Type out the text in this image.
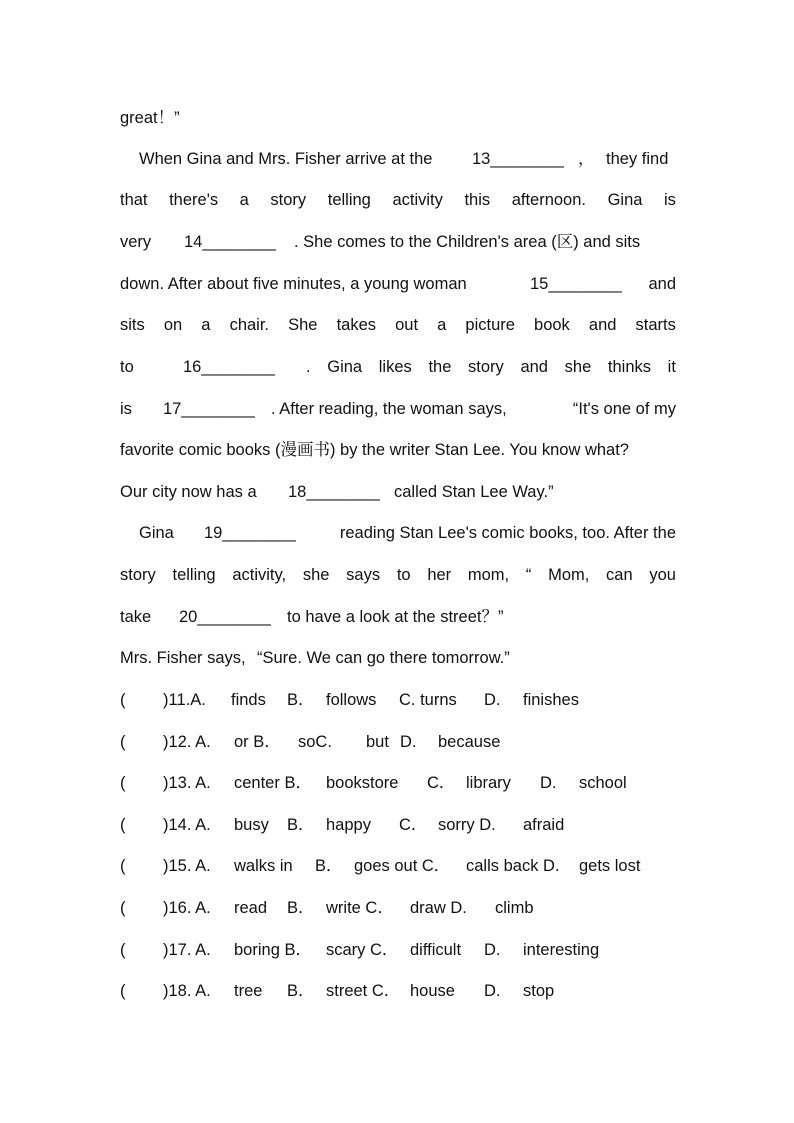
great！”
When Gina and Mrs. Fisher arrive at the 13________ ， they find
that there's a story telling activity this afternoon. Gina is
very 14________ . She comes to the Children's area (区) and sits
down. After about five minutes, a young woman	15________ and
sits on a chair. She takes out a picture book and starts
to	16________ . Gina likes the story and she thinks it
is 17________ . After reading, the woman says,	“It's one of my
favorite comic books (漫画书) by the writer Stan Lee. You know what?
Our city now has a 18________ called Stan Lee Way.”
Gina 19________	reading Stan Lee's comic books, too. After the
story telling activity, she says to her mom, “ Mom, can you
take 20________ to have a look at the street？”
Mrs. Fisher says, “Sure. We can go there tomorrow.”
( )11.A. finds B． follows C. turns D. finishes
( )12. A. or B． soC. but D. because
( )13. A. center B． bookstore C． library D. school
( )14. A. busy B． happy C． sorry D. afraid
( )15. A. walks in B． goes out C． calls back D. gets lost
( )16. A. read B． write C． draw D. climb
( )17. A. boring B． scary C． difficult D. interesting
( )18. A. tree B． street C． house D. stop
